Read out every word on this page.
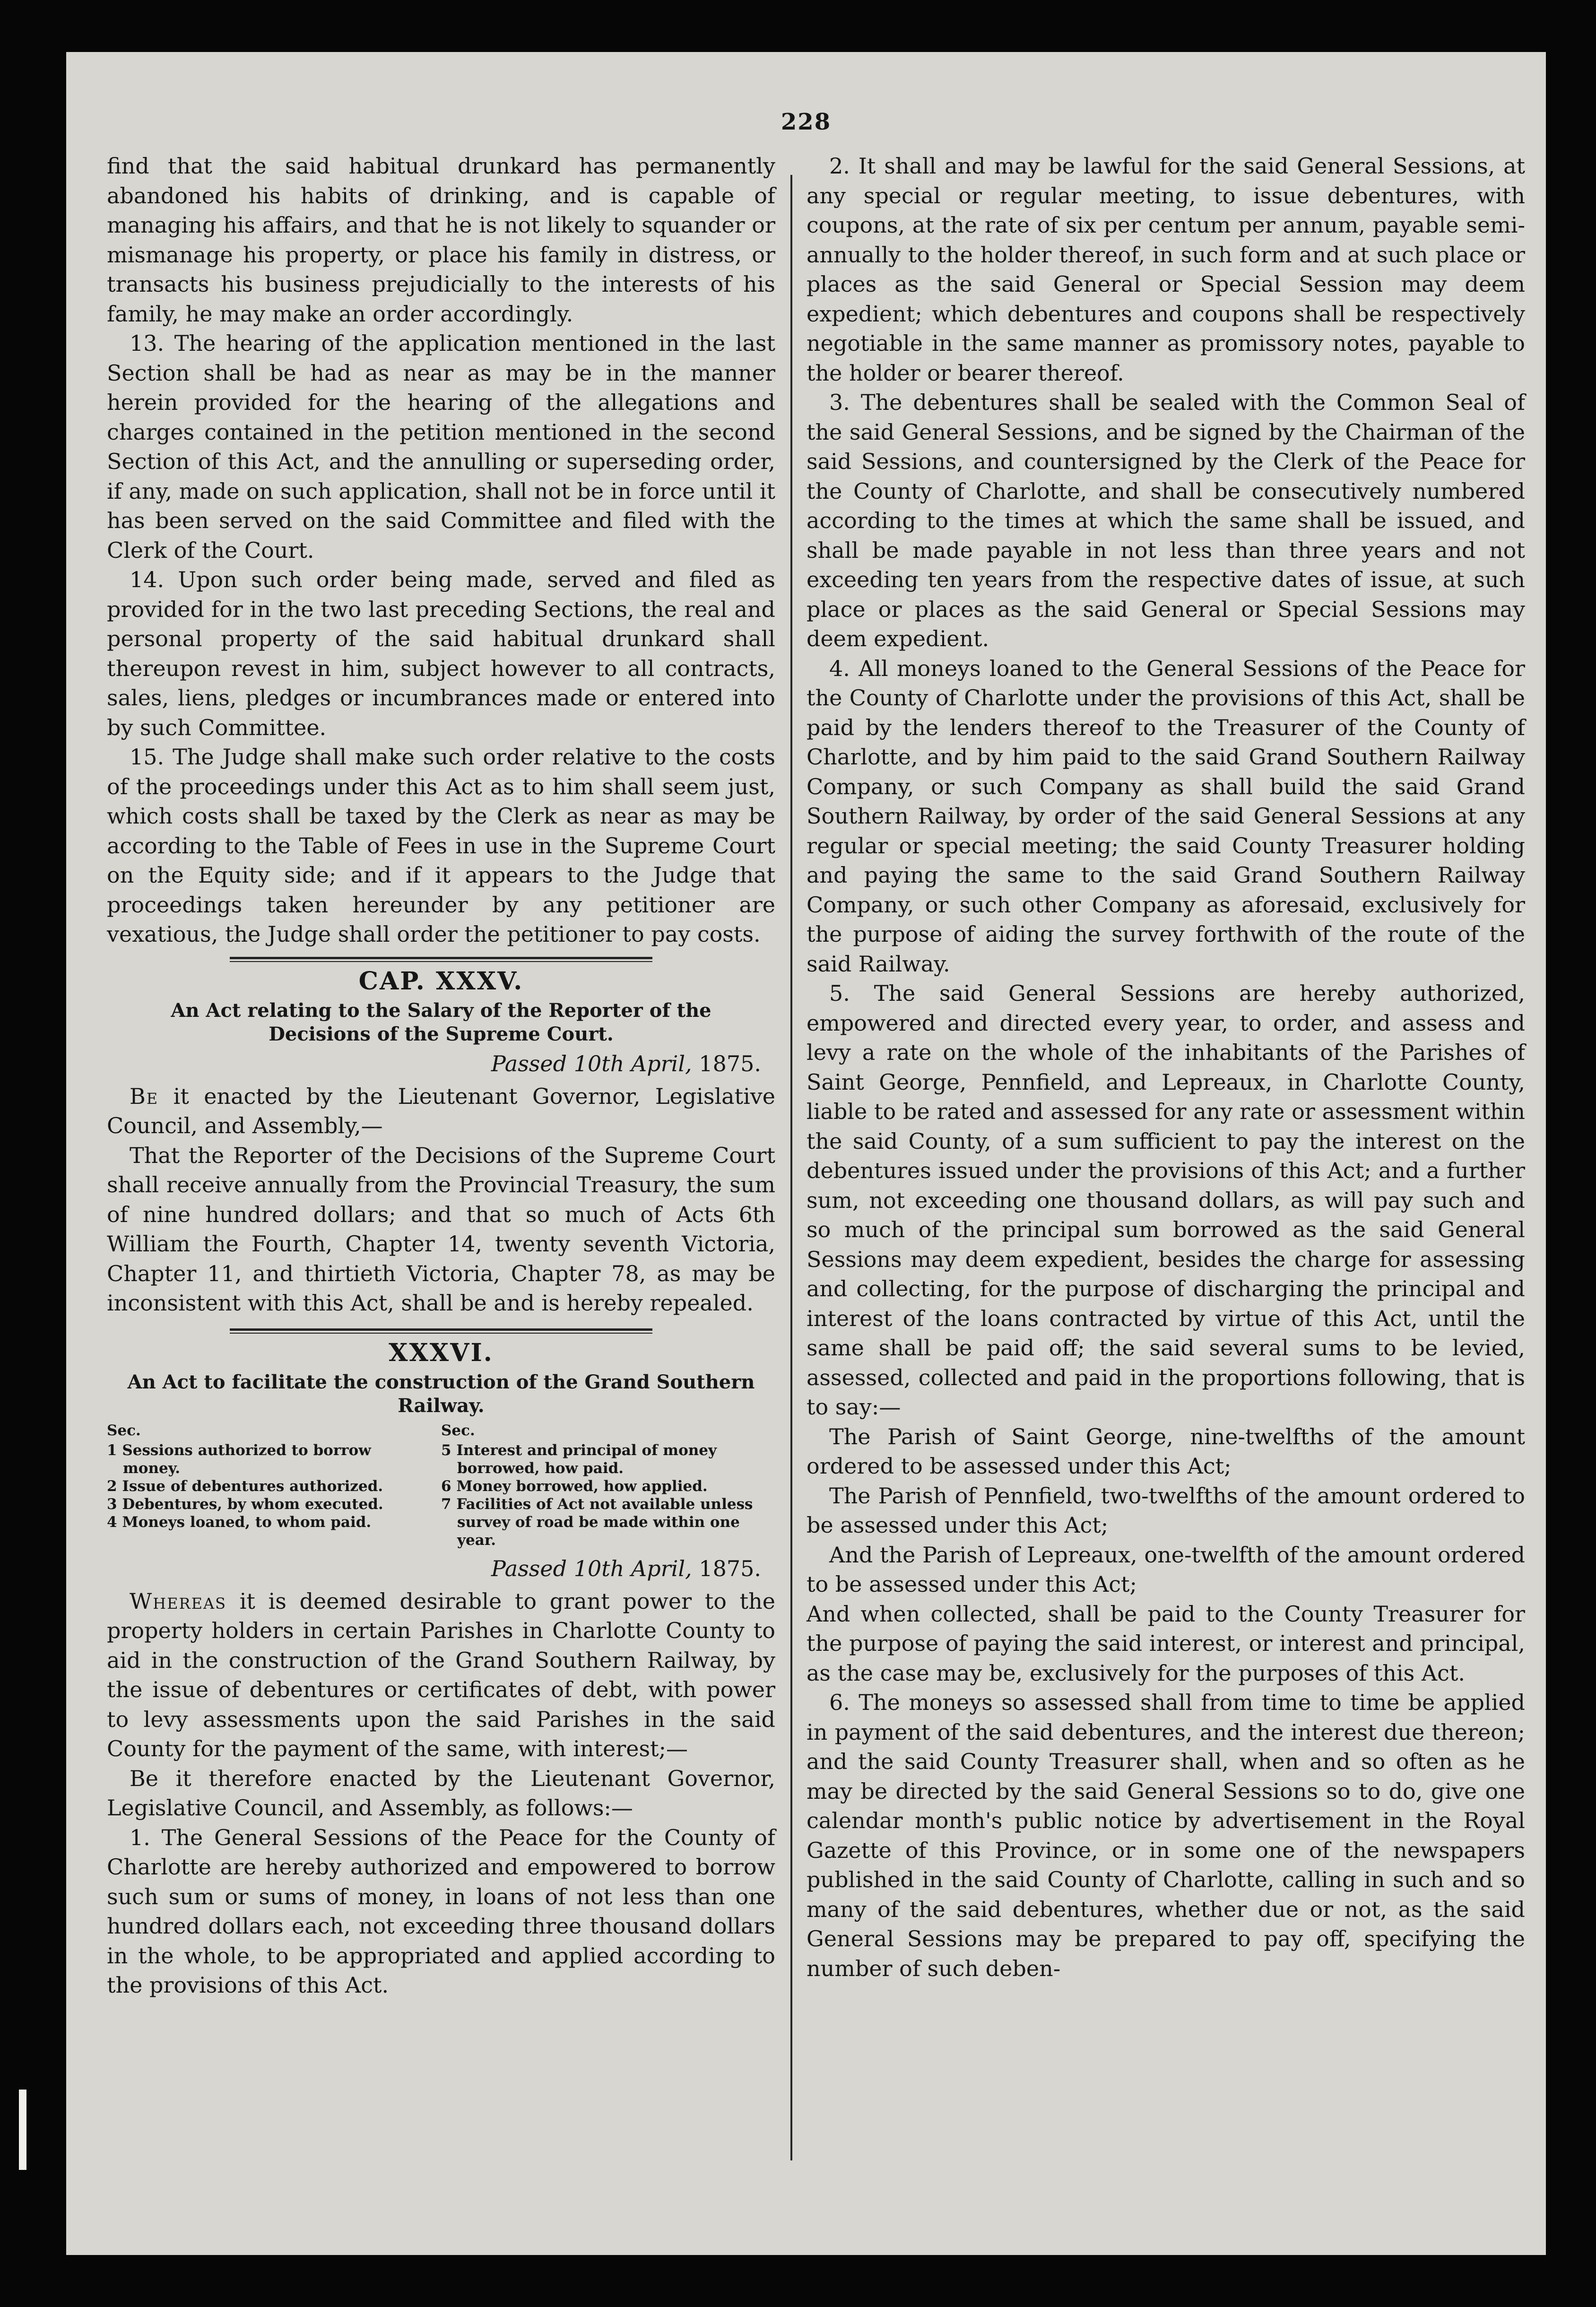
228

find that the said habitual drunkard has permanently abandoned his habits of drinking, and is capable of managing his affairs, and that he is not likely to squander or mismanage his property, or place his family in distress, or transacts his business prejudicially to the interests of his family, he may make an order accordingly.

13. The hearing of the application mentioned in the last Section shall be had as near as may be in the manner herein provided for the hearing of the allegations and charges contained in the petition mentioned in the second Section of this Act, and the annulling or superseding order, if any, made on such application, shall not be in force until it has been served on the said Committee and filed with the Clerk of the Court.

14. Upon such order being made, served and filed as provided for in the two last preceding Sections, the real and personal property of the said habitual drunkard shall thereupon revest in him, subject however to all contracts, sales, liens, pledges or incumbrances made or entered into by such Committee.

15. The Judge shall make such order relative to the costs of the proceedings under this Act as to him shall seem just, which costs shall be taxed by the Clerk as near as may be according to the Table of Fees in use in the Supreme Court on the Equity side; and if it appears to the Judge that proceedings taken hereunder by any petitioner are vexatious, the Judge shall order the petitioner to pay costs.

CAP. XXXV.
An Act relating to the Salary of the Reporter of the Decisions of the Supreme Court.
Passed 10th April, 1875.

Be it enacted by the Lieutenant Governor, Legislative Council, and Assembly,—

That the Reporter of the Decisions of the Supreme Court shall receive annually from the Provincial Treasury, the sum of nine hundred dollars; and that so much of Acts 6th William the Fourth, Chapter 14, twenty seventh Victoria, Chapter 11, and thirtieth Victoria, Chapter 78, as may be inconsistent with this Act, shall be and is hereby repealed.

XXXVI.
An Act to facilitate the construction of the Grand Southern Railway.
Sec.
1 Sessions authorized to borrow money.
2 Issue of debentures authorized.
3 Debentures, by whom executed.
4 Moneys loaned, to whom paid.
Sec.
5 Interest and principal of money borrowed, how paid.
6 Money borrowed, how applied.
7 Facilities of Act not available unless survey of road be made within one year.
Passed 10th April, 1875.

Whereas it is deemed desirable to grant power to the property holders in certain Parishes in Charlotte County to aid in the construction of the Grand Southern Railway, by the issue of debentures or certificates of debt, with power to levy assessments upon the said Parishes in the said County for the payment of the same, with interest;—

Be it therefore enacted by the Lieutenant Governor, Legislative Council, and Assembly, as follows:—

1. The General Sessions of the Peace for the County of Charlotte are hereby authorized and empowered to borrow such sum or sums of money, in loans of not less than one hundred dollars each, not exceeding three thousand dollars in the whole, to be appropriated and applied according to the provisions of this Act.

2. It shall and may be lawful for the said General Sessions, at any special or regular meeting, to issue debentures, with coupons, at the rate of six per centum per annum, payable semi-annually to the holder thereof, in such form and at such place or places as the said General or Special Session may deem expedient; which debentures and coupons shall be respectively negotiable in the same manner as promissory notes, payable to the holder or bearer thereof.

3. The debentures shall be sealed with the Common Seal of the said General Sessions, and be signed by the Chairman of the said Sessions, and countersigned by the Clerk of the Peace for the County of Charlotte, and shall be consecutively numbered according to the times at which the same shall be issued, and shall be made payable in not less than three years and not exceeding ten years from the respective dates of issue, at such place or places as the said General or Special Sessions may deem expedient.

4. All moneys loaned to the General Sessions of the Peace for the County of Charlotte under the provisions of this Act, shall be paid by the lenders thereof to the Treasurer of the County of Charlotte, and by him paid to the said Grand Southern Railway Company, or such Company as shall build the said Grand Southern Railway, by order of the said General Sessions at any regular or special meeting; the said County Treasurer holding and paying the same to the said Grand Southern Railway Company, or such other Company as aforesaid, exclusively for the purpose of aiding the survey forthwith of the route of the said Railway.

5. The said General Sessions are hereby authorized, empowered and directed every year, to order, and assess and levy a rate on the whole of the inhabitants of the Parishes of Saint George, Pennfield, and Lepreaux, in Charlotte County, liable to be rated and assessed for any rate or assessment within the said County, of a sum sufficient to pay the interest on the debentures issued under the provisions of this Act; and a further sum, not exceeding one thousand dollars, as will pay such and so much of the principal sum borrowed as the said General Sessions may deem expedient, besides the charge for assessing and collecting, for the purpose of discharging the principal and interest of the loans contracted by virtue of this Act, until the same shall be paid off; the said several sums to be levied, assessed, collected and paid in the proportions following, that is to say:—

The Parish of Saint George, nine-twelfths of the amount ordered to be assessed under this Act;

The Parish of Pennfield, two-twelfths of the amount ordered to be assessed under this Act;

And the Parish of Lepreaux, one-twelfth of the amount ordered to be assessed under this Act;

And when collected, shall be paid to the County Treasurer for the purpose of paying the said interest, or interest and principal, as the case may be, exclusively for the purposes of this Act.

6. The moneys so assessed shall from time to time be applied in payment of the said debentures, and the interest due thereon; and the said County Treasurer shall, when and so often as he may be directed by the said General Sessions so to do, give one calendar month's public notice by advertisement in the Royal Gazette of this Province, or in some one of the newspapers published in the said County of Charlotte, calling in such and so many of the said debentures, whether due or not, as the said General Sessions may be prepared to pay off, specifying the number of such deben-
